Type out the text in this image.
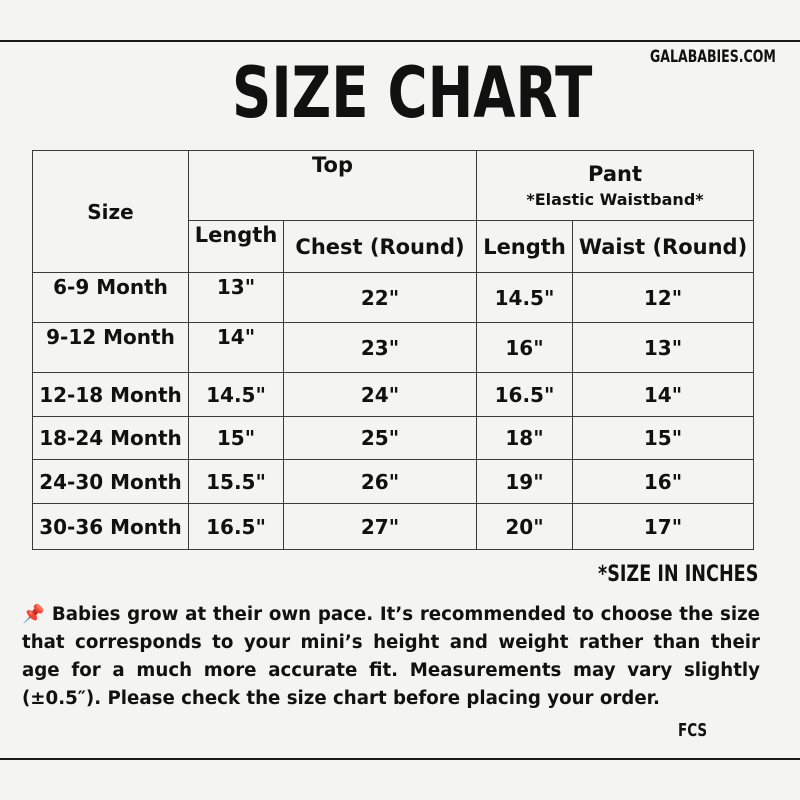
SIZE CHART	GALABABIES.COM
Size	Top		Pant
*Elastic Waistband*	

	Length	Chest (Round)	Length	Waist (Round)
6-9 Month	13"	22"	14.5"	12"
9-12 Month	14"	23"	16"	13"
12-18 Month	14.5"	24"	16.5"	14"
18-24 Month	15"	25"	18"	15"
24-30 Month	15.5"	26"	19"	16"
30-36 Month	16.5"	27"	20"	17"
*SIZE IN INCHES
📌 Babies grow at their own pace. It’s recommended to choose the size that corresponds to your mini’s height and weight rather than their age for a much more accurate fit. Measurements may vary slightly (±0.5″). Please check the size chart before placing your order.
FCS
